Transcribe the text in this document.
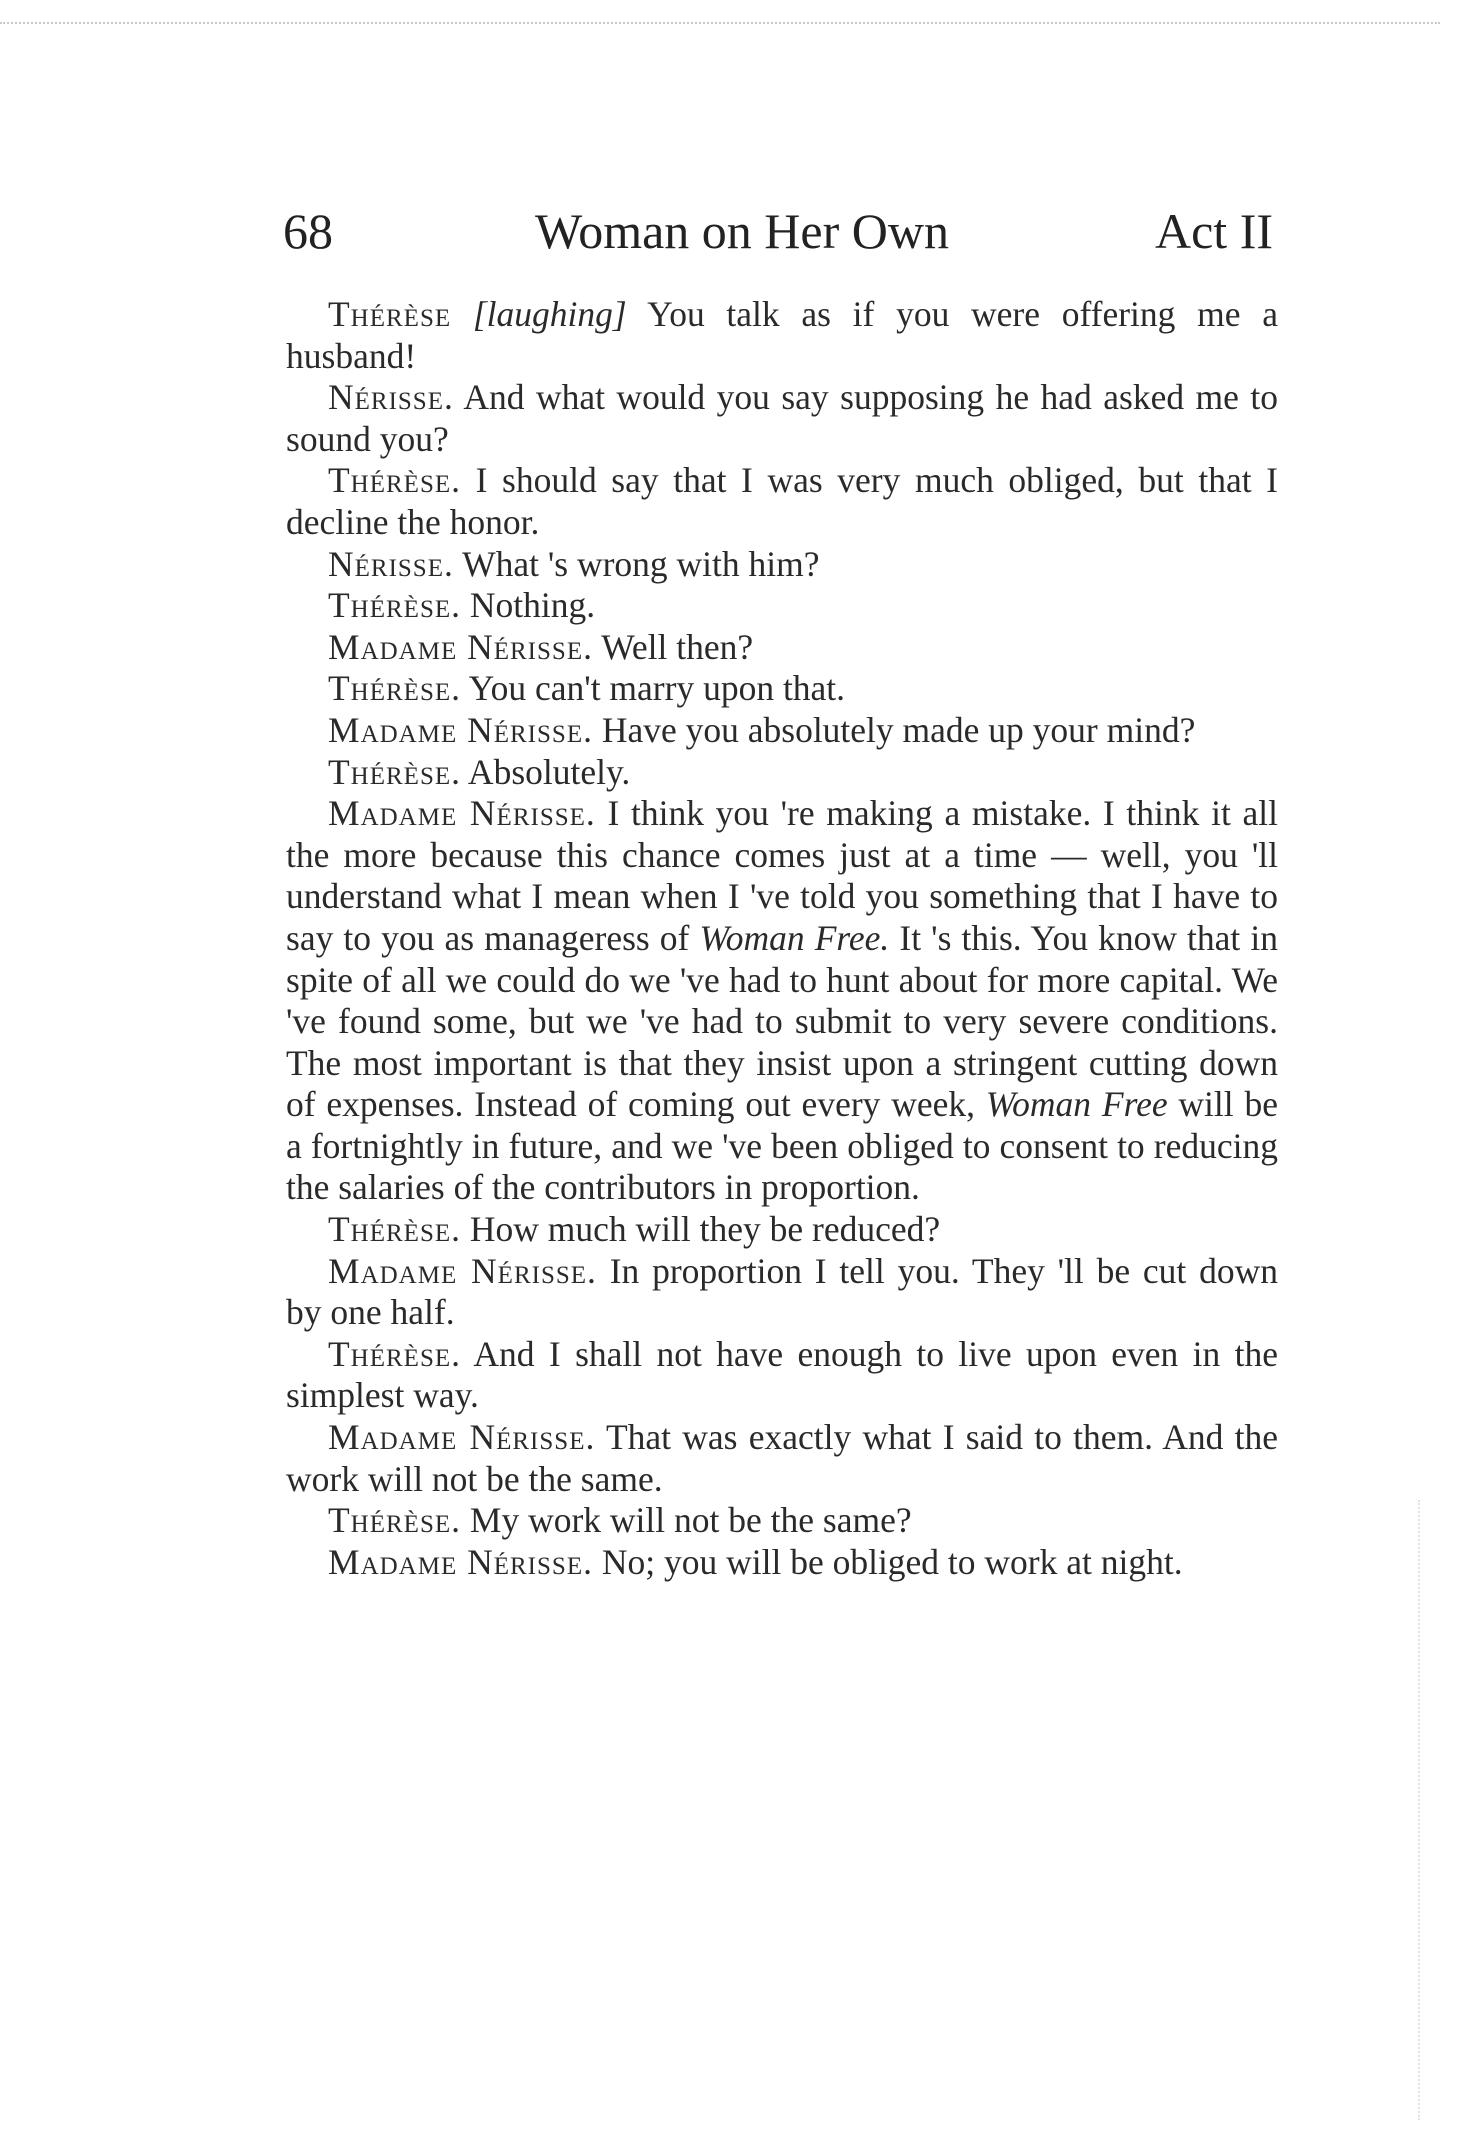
68	Woman on Her Own	Act II

Thérèse [laughing] You talk as if you were offering me a husband!

Nérisse. And what would you say supposing he had asked me to sound you?

Thérèse. I should say that I was very much obliged, but that I decline the honor.

Nérisse. What 's wrong with him?

Thérèse. Nothing.

Madame Nérisse. Well then?

Thérèse. You can't marry upon that.

Madame Nérisse. Have you absolutely made up your mind?

Thérèse. Absolutely.

Madame Nérisse. I think you 're making a mistake. I think it all the more because this chance comes just at a time — well, you 'll understand what I mean when I 've told you something that I have to say to you as manageress of Woman Free. It 's this. You know that in spite of all we could do we 've had to hunt about for more capital. We 've found some, but we 've had to submit to very severe conditions. The most important is that they insist upon a stringent cutting down of expenses. Instead of coming out every week, Woman Free will be a fortnightly in future, and we 've been obliged to consent to reducing the salaries of the contributors in proportion.

Thérèse. How much will they be reduced?

Madame Nérisse. In proportion I tell you. They 'll be cut down by one half.

Thérèse. And I shall not have enough to live upon even in the simplest way.

Madame Nérisse. That was exactly what I said to them. And the work will not be the same.

Thérèse. My work will not be the same?

Madame Nérisse. No; you will be obliged to work at night.
